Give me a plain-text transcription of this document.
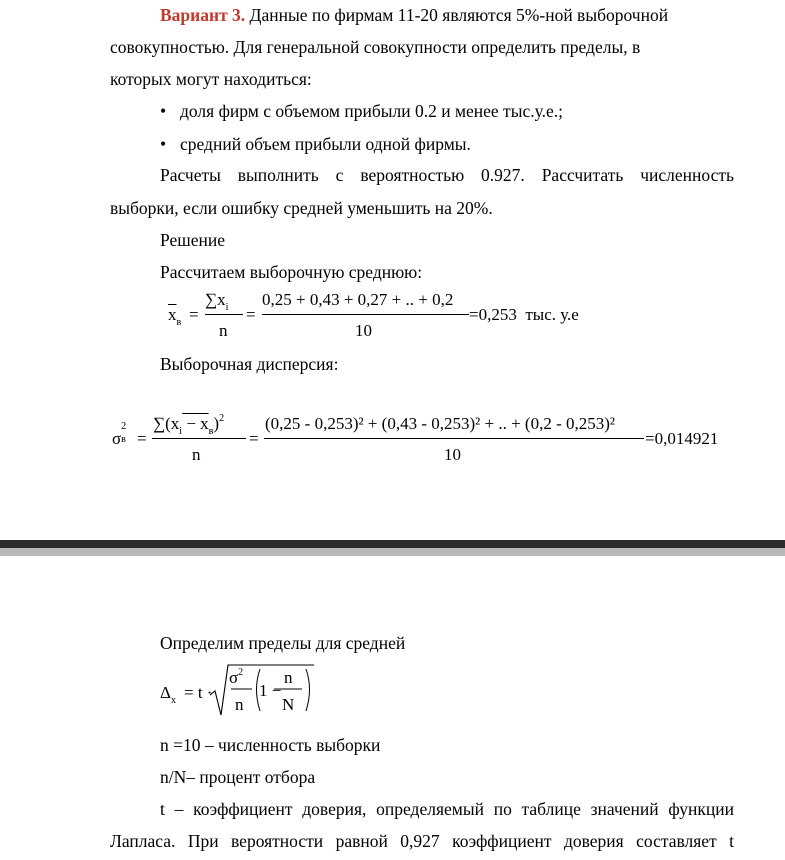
Вариант 3. Данные по фирмам 11-20 являются 5%-ной выборочной
совокупностью. Для генеральной совокупности определить пределы, в
которых могут находиться:
• доля фирм с объемом прибыли 0.2 и менее тыс.у.е.;
• средний объем прибыли одной фирмы.
Расчеты выполнить с вероятностью 0.927. Рассчитать численность
выборки, если ошибку средней уменьшить на 20%.
Решение
Рассчитаем выборочную среднюю:
$\overline{x}_в$ =
$\sum x_i$
n
=
0,25 + 0,43 + 0,27 + .. + 0,2
10
=0,253 тыс. у.е
Выборочная дисперсия:
σ
2
в =
$\sum(x_i - x_в)^2$
n
=
(0,25 - 0,253)² + (0,43 - 0,253)² + .. + (0,2 - 0,253)²
10
=0,014921
Определим пределы для средней
$\Delta_x = t$ ·
$\sigma^2$
n
1 −
n
N
n =10 – численность выборки
n/N– процент отбора
t – коэффициент доверия, определяемый по таблице значений функции
Лапласа. При вероятности равной 0,927 коэффициент доверия составляет t
